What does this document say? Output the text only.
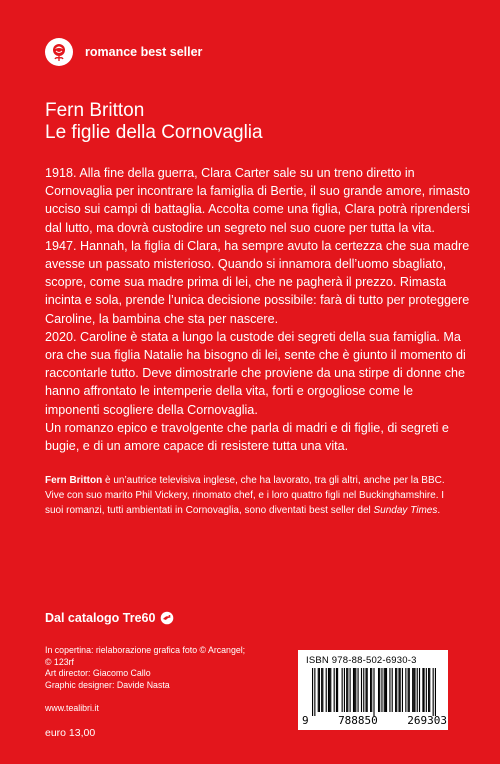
romance best seller
Fern Britton
Le figlie della Cornovaglia

1918. Alla fine della guerra, Clara Carter sale su un treno diretto in Cornovaglia per incontrare la famiglia di Bertie, il suo grande amore, rimasto ucciso sui campi di battaglia. Accolta come una figlia, Clara potrà riprendersi dal lutto, ma dovrà custodire un segreto nel suo cuore per tutta la vita.

1947. Hannah, la figlia di Clara, ha sempre avuto la certezza che sua madre avesse un passato misterioso. Quando si innamora dell’uomo sbagliato, scopre, come sua madre prima di lei, che ne pagherà il prezzo. Rimasta incinta e sola, prende l’unica decisione possibile: farà di tutto per proteggere Caroline, la bambina che sta per nascere.

2020. Caroline è stata a lungo la custode dei segreti della sua famiglia. Ma ora che sua figlia Natalie ha bisogno di lei, sente che è giunto il momento di raccontarle tutto. Deve dimostrarle che proviene da una stirpe di donne che hanno affrontato le intemperie della vita, forti e orgogliose come le imponenti scogliere della Cornovaglia.

Un romanzo epico e travolgente che parla di madri e di figlie, di segreti e bugie, e di un amore capace di resistere tutta una vita.

Fern Britton è un’autrice televisiva inglese, che ha lavorato, tra gli altri, anche per la BBC. Vive con suo marito Phil Vickery, rinomato chef, e i loro quattro figli nel Buckinghamshire. I suoi romanzi, tutti ambientati in Cornovaglia, sono diventati best seller del Sunday Times.
Dal catalogo Tre60
In copertina: rielaborazione grafica foto © Arcangel;
© 123rf
Art director: Giacomo Callo
Graphic designer: Davide Nasta
www.tealibri.it
euro 13,00
ISBN 978-88-502-6930-3
9	788850	269303
